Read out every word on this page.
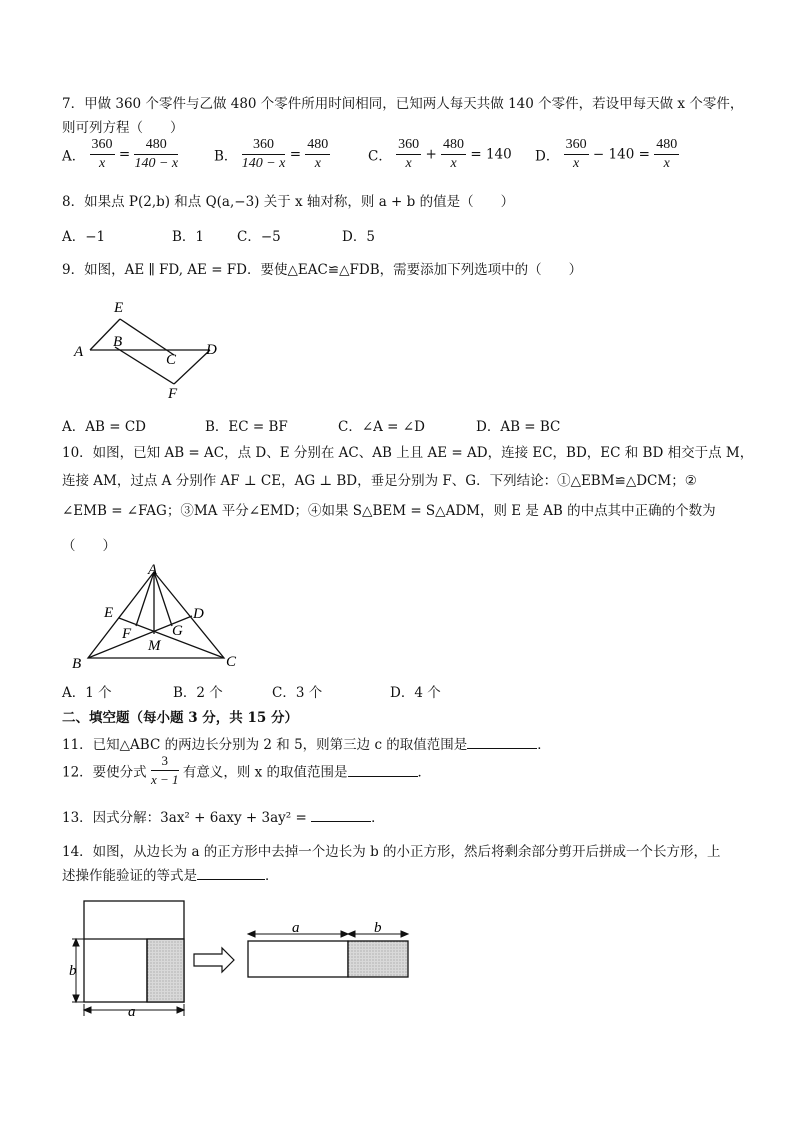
7．甲做 360 个零件与乙做 480 个零件所用时间相同，已知两人每天共做 140 个零件，若设甲每天做 x 个零件，
则可列方程（　　）
A． $\frac{360}{x} = \frac{480}{140 - x}$	B． $\frac{360}{140 - x} = \frac{480}{x}$	C． $\frac{360}{x} + \frac{480}{x} = 140$ D． $\frac{360}{x} - 140 = \frac{480}{x}$
8．如果点 P(2,b) 和点 Q(a,−3) 关于 x 轴对称，则 a + b 的值是（　　）
A．−1	B．1 C．−5	D．5
9．如图，AE ∥ FD, AE = FD．要使△EAC≌△FDB，需要添加下列选项中的（　　）
E
A
B
C
D
F
A．AB = CD	B．EC = BF	C．∠A = ∠D	D．AB = BC
10．如图，已知 AB = AC，点 D、E 分别在 AC、AB 上且 AE = AD，连接 EC，BD，EC 和 BD 相交于点 M，
连接 AM，过点 A 分别作 AF ⊥ CE，AG ⊥ BD，垂足分别为 F、G．下列结论：①△EBM≌△DCM；②
∠EMB = ∠FAG；③MA 平分∠EMD；④如果 S△BEM = S△ADM，则 E 是 AB 的中点其中正确的个数为
（　　）
A
E	D
F	G
M
B	C
A．1 个	B．2 个	C．3 个	D．4 个
二、填空题（每小题 3 分，共 15 分）
11．已知△ABC 的两边长分别为 2 和 5，则第三边 c 的取值范围是	．
12．要使分式 $\frac{3}{x - 1}$ 有意义，则 x 的取值范围是	．
13．因式分解：3ax² + 6axy + 3ay² =	．
14．如图，从边长为 a 的正方形中去掉一个边长为 b 的小正方形，然后将剩余部分剪开后拼成一个长方形，上
述操作能验证的等式是	．
b
a
a	b
